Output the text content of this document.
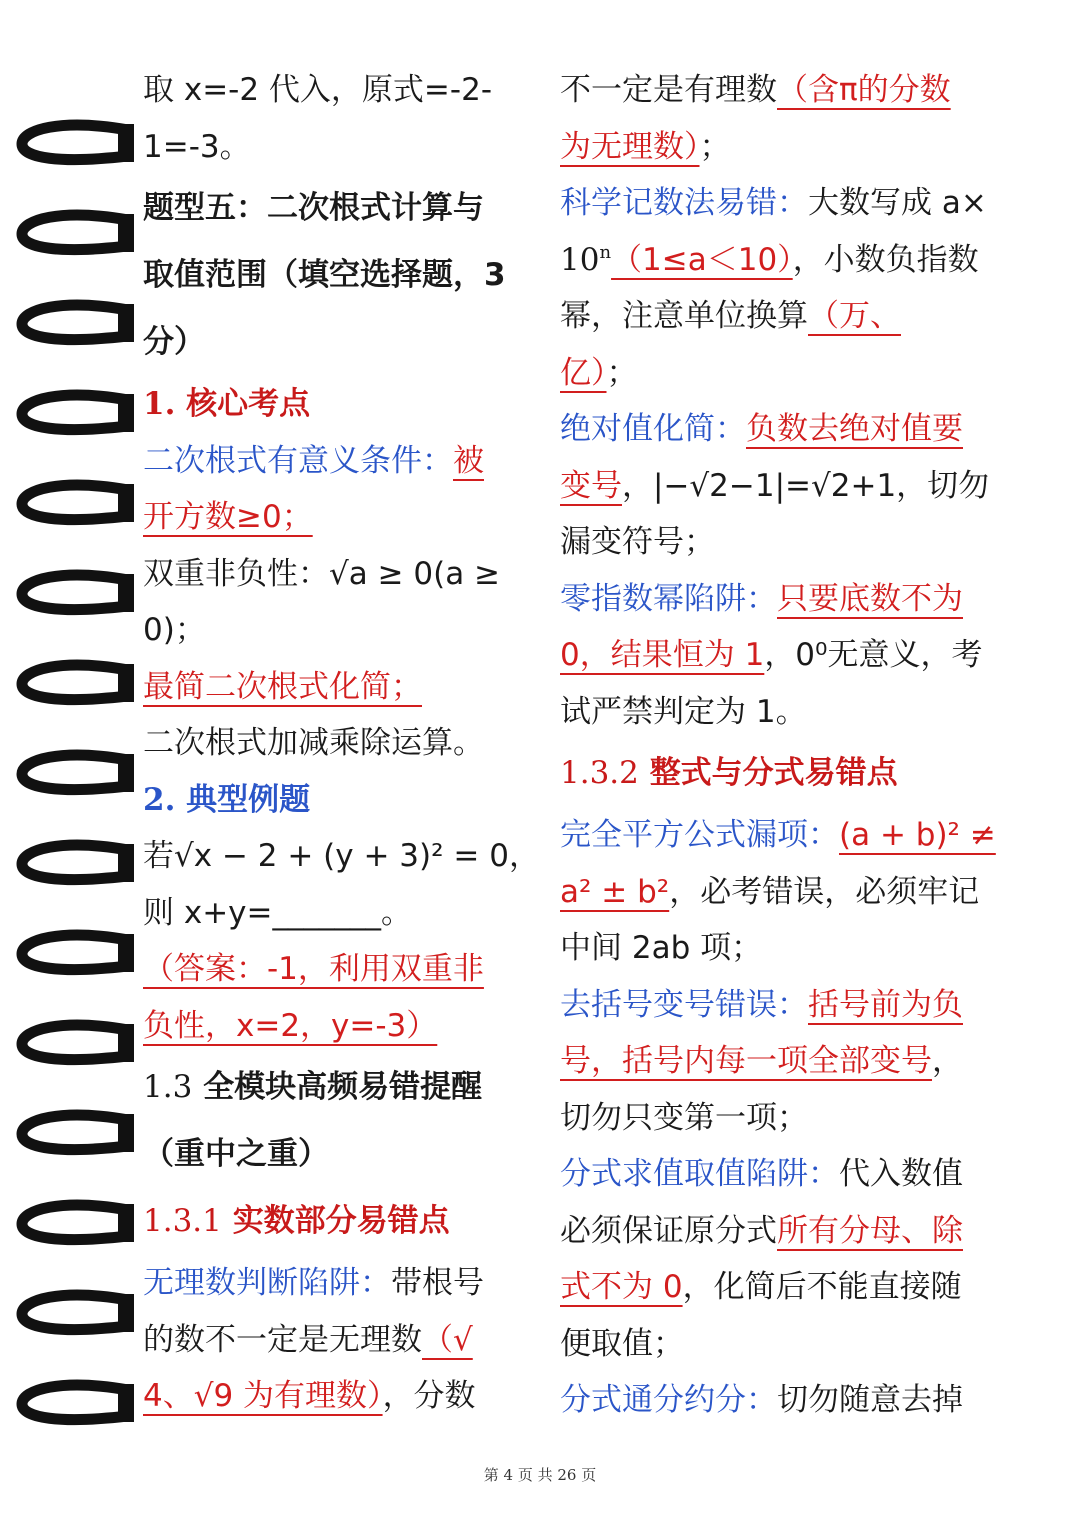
取 x=-2 代入，原式=-2-
1=-3。
题型五：二次根式计算与
取值范围（填空选择题，3
分）
1. 核心考点
二次根式有意义条件：被
开方数≥0；
双重非负性：√a ≥ 0(a ≥
0)；
最简二次根式化简；
二次根式加减乘除运算。
2. 典型例题
若√x − 2 + (y + 3)² = 0，
则 x+y=_______。
（答案：-1，利用双重非
负性，x=2，y=-3）
1.3 全模块高频易错提醒
（重中之重）
1.3.1 实数部分易错点
无理数判断陷阱：带根号
的数不一定是无理数（√
4、√9 为有理数），分数
不一定是有理数（含π的分数
为无理数）；
科学记数法易错：大数写成 a×
$10^n(1\le a<10)$，小数负指数
幂，注意单位换算（万、
亿）；
绝对值化简：负数去绝对值要
变号，|−√2−1|=√2+1，切勿
漏变符号；
零指数幂陷阱：只要底数不为
0，结果恒为 1，0⁰无意义，考
试严禁判定为 1。
1.3.2 整式与分式易错点
完全平方公式漏项：(a + b)² ≠
a² ± b²，必考错误，必须牢记
中间 2ab 项；
去括号变号错误：括号前为负
号，括号内每一项全部变号，
切勿只变第一项；
分式求值取值陷阱：代入数值
必须保证原分式所有分母、除
式不为 0，化简后不能直接随
便取值；
分式通分约分：切勿随意去掉
第 4 页 共 26 页
